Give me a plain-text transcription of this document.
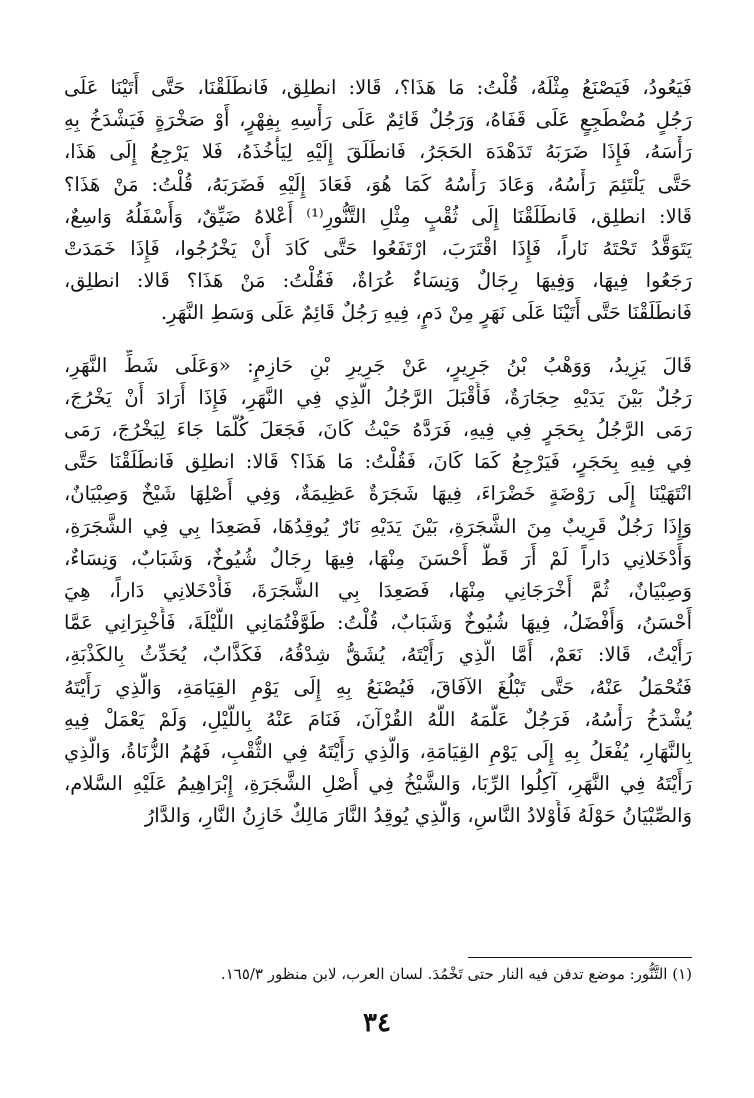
فَيَعُودُ، فَيَصْنَعُ مِثْلَهُ، قُلْتُ: مَا هَذَا؟، قَالا: انطلِق، فَانطَلَقْنَا، حَتَّى أَتَيْنَا عَلَى
رَجُلٍ مُضْطَجِعٍ عَلَى قَفَاهُ، وَرَجُلٌ قَائِمٌ عَلَى رَأْسِهِ بِفِهْرٍ، أَوْ صَخْرَةٍ فَيَشْدَخُ بِهِ
رَأْسَهُ، فَإِذَا ضَرَبَهُ تَدَهْدَهَ الحَجَرُ، فَانطَلَقَ إِلَيْهِ لِيَأْخُذَهُ، فَلا يَرْجِعُ إِلَى هَذَا،
حَتَّى يَلْتَئِمَ رَأْسُهُ، وَعَادَ رَأْسُهُ كَمَا هُوَ، فَعَادَ إِلَيْهِ فَضَرَبَهُ، قُلْتُ: مَنْ هَذَا؟
قَالا: انطلِق، فَانطَلَقْنَا إِلَى ثُقْبٍ مِثْلِ التَّنُّورِ⁽¹⁾ أَعْلاهُ ضَيِّقٌ، وَأَسْفَلُهُ وَاسِعٌ،
يَتَوَقَّدُ تَحْتَهُ نَاراً، فَإِذَا اقْتَرَبَ، ارْتَفَعُوا حَتَّى كَادَ أَنْ يَخْرُجُوا، فَإِذَا خَمَدَتْ
رَجَعُوا فِيهَا، وَفِيهَا رِجَالٌ وَنِسَاءٌ عُرَاةٌ، فَقُلْتُ: مَنْ هَذَا؟ قَالا: انطلِق،
فَانطَلَقْنَا حَتَّى أَتَيْنَا عَلَى نَهَرٍ مِنْ دَمٍ، فِيهِ رَجُلٌ قَائِمٌ عَلَى وَسَطِ النَّهَرِ.
قَالَ يَزِيدُ، وَوَهْبُ بْنُ جَرِيرٍ، عَنْ جَرِيرِ بْنِ حَازِمٍ: «وَعَلَى شَطِّ النَّهَرِ،
رَجُلٌ بَيْنَ يَدَيْهِ حِجَارَةٌ، فَأَقْبَلَ الرَّجُلُ الَّذِي فِي النَّهَرِ، فَإِذَا أَرَادَ أَنْ يَخْرُجَ،
رَمَى الرَّجُلُ بِحَجَرٍ فِي فِيهِ، فَرَدَّهُ حَيْثُ كَانَ، فَجَعَلَ كُلَّمَا جَاءَ لِيَخْرُجَ، رَمَى
فِي فِيهِ بِحَجَرٍ، فَيَرْجِعُ كَمَا كَانَ، فَقُلْتُ: مَا هَذَا؟ قَالا: انطلِق فَانطَلَقْنَا حَتَّى
انْتَهَيْنَا إِلَى رَوْضَةٍ خَضْرَاءَ، فِيهَا شَجَرَةٌ عَظِيمَةٌ، وَفِي أَصْلِهَا شَيْخٌ وَصِبْيَانٌ،
وَإِذَا رَجُلٌ قَرِيبٌ مِنَ الشَّجَرَةِ، بَيْنَ يَدَيْهِ نَارٌ يُوقِدُهَا، فَصَعِدَا بِي فِي الشَّجَرَةِ،
وَأَدْخَلانِي دَاراً لَمْ أَرَ قَطُّ أَحْسَنَ مِنْهَا، فِيهَا رِجَالٌ شُيُوخٌ، وَشَبَابٌ، وَنِسَاءٌ،
وَصِبْيَانٌ، ثُمَّ أَخْرَجَانِي مِنْهَا، فَصَعِدَا بِي الشَّجَرَةَ، فَأَدْخَلانِي دَاراً، هِيَ
أَحْسَنُ، وَأَفْضَلُ، فِيهَا شُيُوخٌ وَشَبَابٌ، قُلْتُ: طَوَّفْتُمَانِي اللَّيْلَةَ، فَأَخْبِرَانِي عَمَّا
رَأَيْتُ، قَالا: نَعَمْ، أَمَّا الَّذِي رَأَيْتَهُ، يُشَقُّ شِدْقُهُ، فَكَذَّابٌ، يُحَدِّثُ بِالكَذْبَةِ،
فَتُحْمَلُ عَنْهُ، حَتَّى تَبْلُغَ الآفَاقَ، فَيُصْنَعُ بِهِ إِلَى يَوْمِ القِيَامَةِ، وَالَّذِي رَأَيْتَهُ
يُشْدَخُ رَأْسُهُ، فَرَجُلٌ عَلَّمَهُ اللَّهُ القُرْآنَ، فَنَامَ عَنْهُ بِاللَّيْلِ، وَلَمْ يَعْمَلْ فِيهِ
بِالنَّهَارِ، يُفْعَلُ بِهِ إِلَى يَوْمِ القِيَامَةِ، وَالَّذِي رَأَيْتَهُ فِي الثُّقْبِ، فَهُمُ الزُّنَاةُ، وَالَّذِي
رَأَيْتَهُ فِي النَّهَرِ، آكِلُوا الرِّبَا، وَالشَّيْخُ فِي أَصْلِ الشَّجَرَةِ، إِبْرَاهِيمُ عَلَيْهِ السَّلام،
وَالصِّبْيَانُ حَوْلَهُ فَأَوْلادُ النَّاسِ، وَالَّذِي يُوقِدُ النَّارَ مَالِكٌ خَازِنُ النَّارِ، وَالدَّارُ
(١) التَّنُّور: موضع تدفن فيه النار حتى تَخْمُدَ. لسان العرب، لابن منظور ١٦٥/٣.
٣٤
